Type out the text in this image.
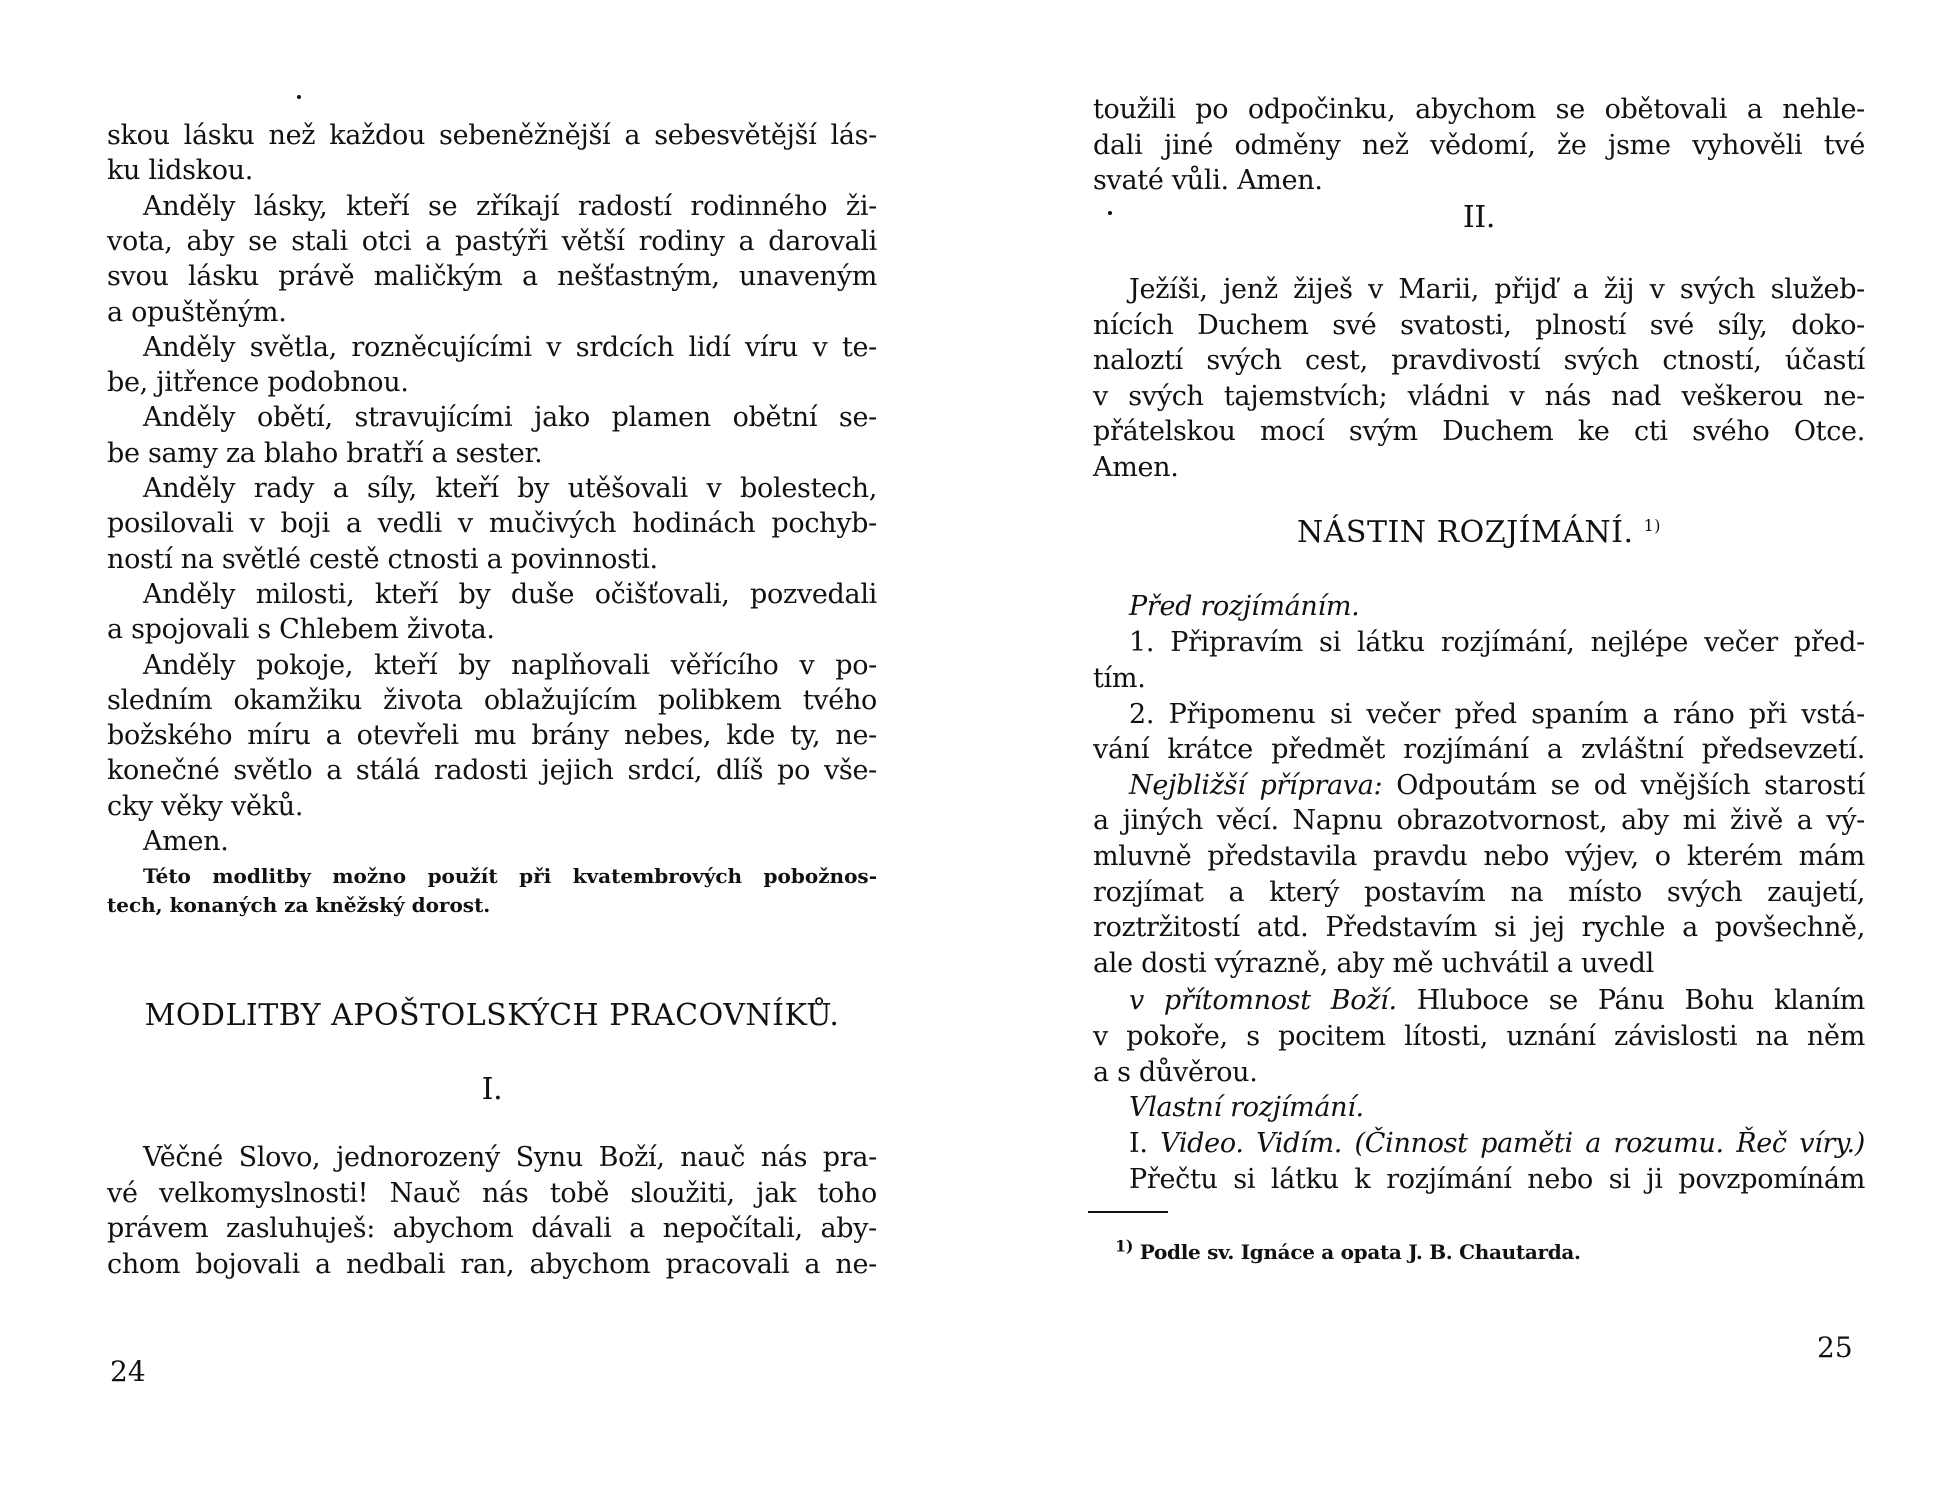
skou lásku než každou sebeněžnější a sebesvětější lás-
ku lidskou.
Anděly lásky, kteří se zříkají radostí rodinného ži-
vota, aby se stali otci a pastýři větší rodiny a darovali
svou lásku právě maličkým a nešťastným, unaveným
a opuštěným.
Anděly světla, rozněcujícími v srdcích lidí víru v te-
be, jitřence podobnou.
Anděly obětí, stravujícími jako plamen obětní se-
be samy za blaho bratří a sester.
Anděly rady a síly, kteří by utěšovali v bolestech,
posilovali v boji a vedli v mučivých hodinách pochyb-
ností na světlé cestě ctnosti a povinnosti.
Anděly milosti, kteří by duše očišťovali, pozvedali
a spojovali s Chlebem života.
Anděly pokoje, kteří by naplňovali věřícího v po-
sledním okamžiku života oblažujícím polibkem tvého
božského míru a otevřeli mu brány nebes, kde ty, ne-
konečné světlo a stálá radosti jejich srdcí, dlíš po vše-
cky věky věků.
Amen.
Této modlitby možno použít při kvatembrových pobožnos-
tech, konaných za kněžský dorost.
MODLITBY APOŠTOLSKÝCH PRACOVNÍKŮ.
I.
Věčné Slovo, jednorozený Synu Boží, nauč nás pra-
vé velkomyslnosti! Nauč nás tobě sloužiti, jak toho
právem zasluhuješ: abychom dávali a nepočítali, aby-
chom bojovali a nedbali ran, abychom pracovali a ne-
24
toužili po odpočinku, abychom se obětovali a nehle-
dali jiné odměny než vědomí, že jsme vyhověli tvé
svaté vůli. Amen.
II.
Ježíši, jenž žiješ v Marii, přijď a žij v svých služeb-
nících Duchem své svatosti, plností své síly, doko-
naloztí svých cest, pravdivostí svých ctností, účastí
v svých tajemstvích; vládni v nás nad veškerou ne-
přátelskou mocí svým Duchem ke cti svého Otce.
Amen.
NÁSTIN ROZJÍMÁNÍ. $^{1)}$
Před rozjímáním.
1. Připravím si látku rozjímání, nejlépe večer před-
tím.
2. Připomenu si večer před spaním a ráno při vstá-
vání krátce předmět rozjímání a zvláštní předsevzetí.
Nejbližší příprava: Odpoutám se od vnějších starostí
a jiných věcí. Napnu obrazotvornost, aby mi živě a vý-
mluvně představila pravdu nebo výjev, o kterém mám
rozjímat a který postavím na místo svých zaujetí,
roztržitostí atd. Představím si jej rychle a povšechně,
ale dosti výrazně, aby mě uchvátil a uvedl
v přítomnost Boží. Hluboce se Pánu Bohu klaním
v pokoře, s pocitem lítosti, uznání závislosti na něm
a s důvěrou.
Vlastní rozjímání.
I. Video. Vidím. (Činnost paměti a rozumu. Řeč víry.)
Přečtu si látku k rozjímání nebo si ji povzpomínám
$^{1)}$ Podle sv. Ignáce a opata J. B. Chautarda.
25
